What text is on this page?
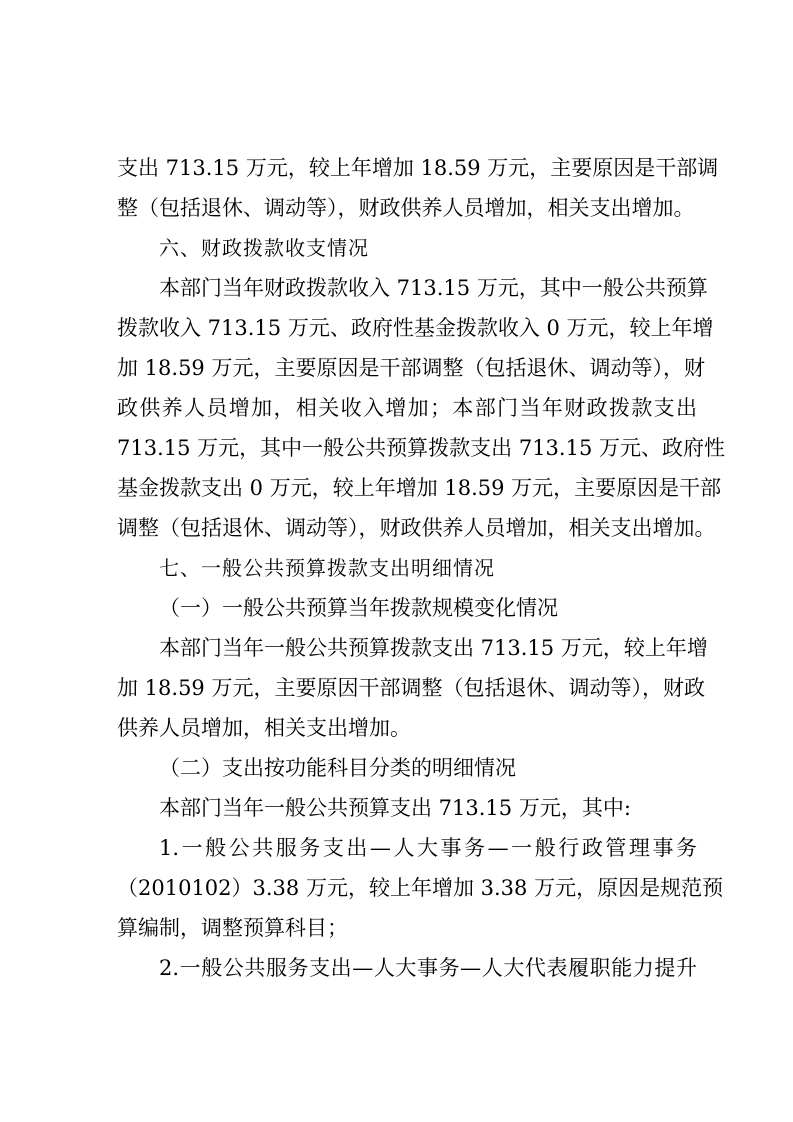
支出 713.15 万元，较上年增加 18.59 万元，主要原因是干部调
整（包括退休、调动等），财政供养人员增加，相关支出增加。
六、财政拨款收支情况
本部门当年财政拨款收入 713.15 万元，其中一般公共预算
拨款收入 713.15 万元、政府性基金拨款收入 0 万元，较上年增
加 18.59 万元，主要原因是干部调整（包括退休、调动等），财
政供养人员增加，相关收入增加；本部门当年财政拨款支出
713.15 万元，其中一般公共预算拨款支出 713.15 万元、政府性
基金拨款支出 0 万元，较上年增加 18.59 万元，主要原因是干部
调整（包括退休、调动等），财政供养人员增加，相关支出增加。
七、一般公共预算拨款支出明细情况
（一）一般公共预算当年拨款规模变化情况
本部门当年一般公共预算拨款支出 713.15 万元，较上年增
加 18.59 万元，主要原因干部调整（包括退休、调动等），财政
供养人员增加，相关支出增加。
（二）支出按功能科目分类的明细情况
本部门当年一般公共预算支出 713.15 万元，其中:
1.一般公共服务支出—人大事务—一般行政管理事务
（2010102）3.38 万元，较上年增加 3.38 万元，原因是规范预
算编制，调整预算科目；
2.一般公共服务支出—人大事务—人大代表履职能力提升
